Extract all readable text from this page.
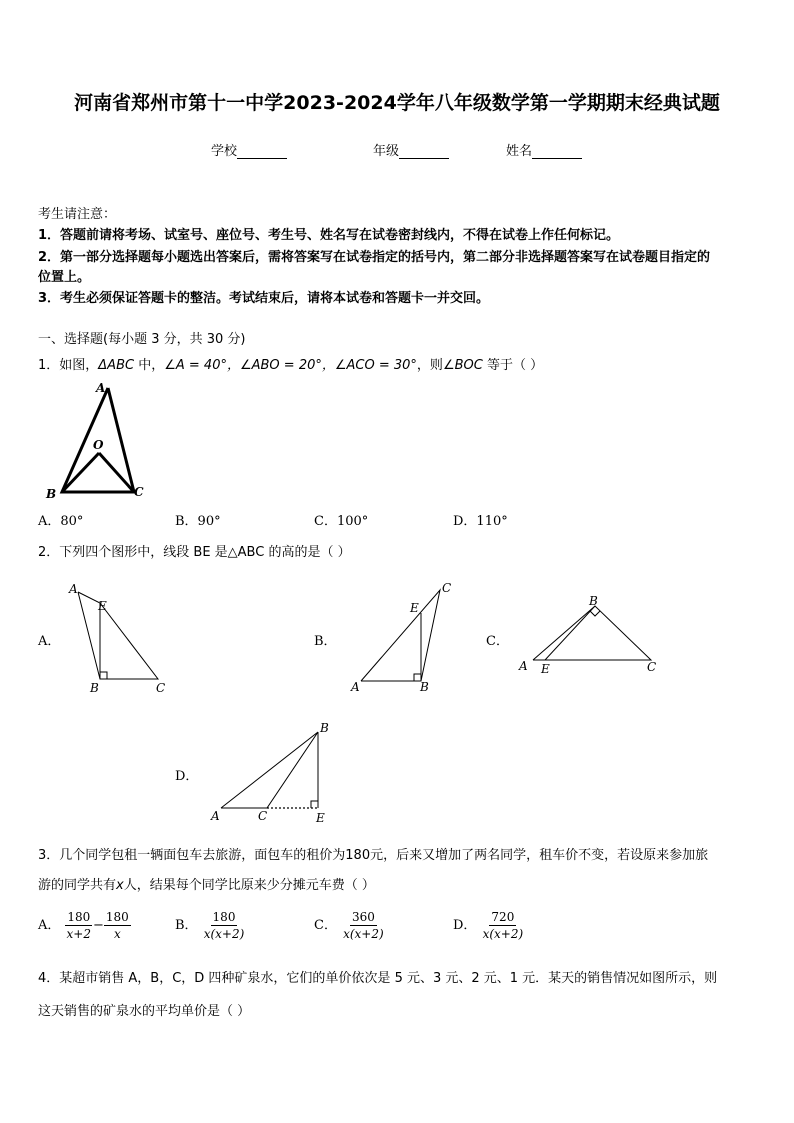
河南省郑州市第十一中学2023-2024学年八年级数学第一学期期末经典试题
学校	年级	姓名
考生请注意：
1．答题前请将考场、试室号、座位号、考生号、姓名写在试卷密封线内，不得在试卷上作任何标记。
2．第一部分选择题每小题选出答案后，需将答案写在试卷指定的括号内，第二部分非选择题答案写在试卷题目指定的
位置上。
3．考生必须保证答题卡的整洁。考试结束后，请将本试卷和答题卡一并交回。
一、选择题(每小题 3 分，共 30 分)
1．如图，ΔABC 中，∠A = 40°，∠ABO = 20°，∠ACO = 30°，则∠BOC 等于（ ）
A
O
B	C
A．80°	B．90°	C．100°	D．110°
2．下列四个图形中，线段 BE 是△ABC 的高的是（ ）
A．
A
E
B	C
B．
A
E
B
C
C．
A E
B
C
D．
A	C
B
E
3．几个同学包租一辆面包车去旅游，面包车的租价为180元，后来又增加了两名同学，租车价不变，若设原来参加旅
游的同学共有x人，结果每个同学比原来少分摊元车费（ ）
A． $\frac{180}{x+2} - \frac{180}{x}$	B． $\frac{180}{x(x+2)}$	C． $\frac{360}{x(x+2)}$	D． $\frac{720}{x(x+2)}$
4．某超市销售 A，B，C，D 四种矿泉水，它们的单价依次是 5 元、3 元、2 元、1 元．某天的销售情况如图所示，则
这天销售的矿泉水的平均单价是（ ）
